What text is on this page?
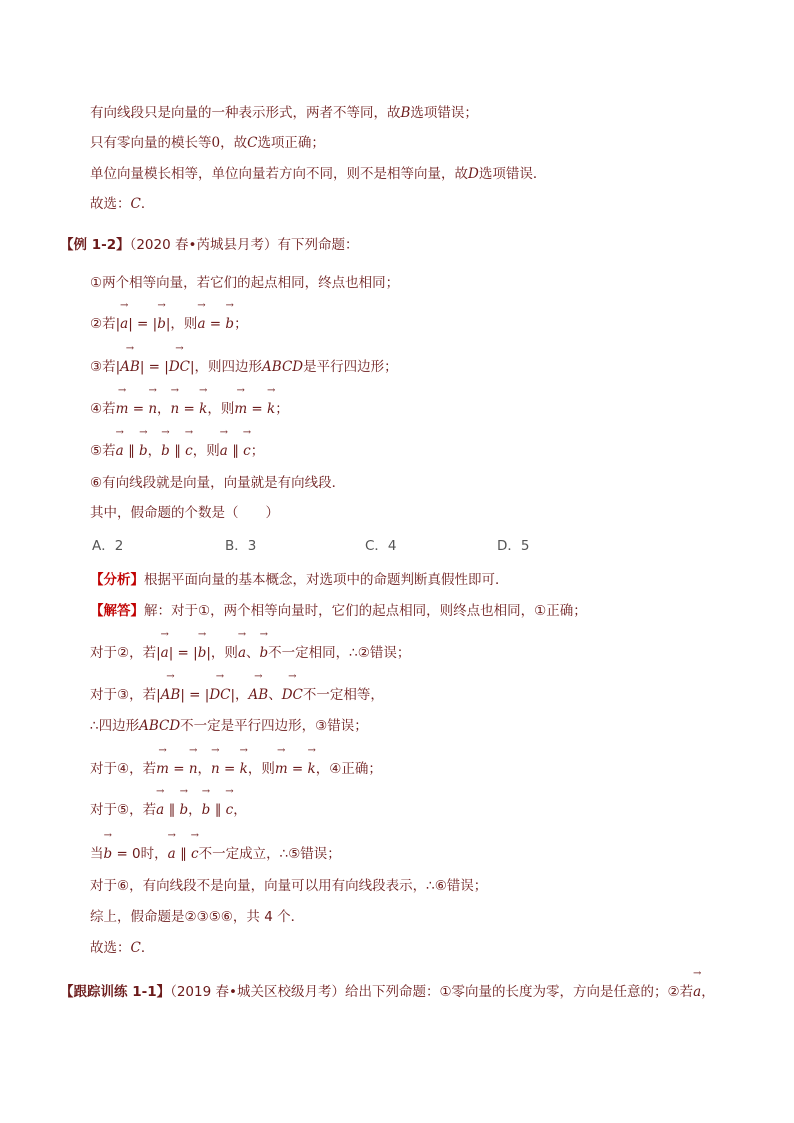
有向线段只是向量的一种表示形式，两者不等同，故B选项错误；
只有零向量的模长等0，故C选项正确；
单位向量模长相等，单位向量若方向不同，则不是相等向量，故D选项错误．
故选：C．
【例 1-2】（2020 春•芮城县月考）有下列命题：
①两个相等向量，若它们的起点相同，终点也相同；
②若|→ a| = |→ b|，则→ a = → b；
③若|→ AB| = |→ DC|，则四边形ABCD是平行四边形；
④若→ m = → n，→ n = → k，则→ m = → k；
⑤若→ a ∥ → b，→ b ∥ → c，则→ a ∥ → c；
⑥有向线段就是向量，向量就是有向线段．
其中，假命题的个数是（　　）
A．2	B．3	C．4	D．5
【分析】根据平面向量的基本概念，对选项中的命题判断真假性即可．
【解答】解：对于①，两个相等向量时，它们的起点相同，则终点也相同，①正确；
对于②，若|→ a| = |→ b|，则→ a、→ b不一定相同，∴②错误；
对于③，若|→ AB| = |→ DC|，→ AB、→ DC不一定相等，
∴四边形ABCD不一定是平行四边形，③错误；
对于④，若→ m = → n，→ n = → k，则→ m = → k，④正确；
对于⑤，若→ a ∥ → b，→ b ∥ → c，
当→ b = 0时，→ a ∥ → c不一定成立，∴⑤错误；
对于⑥，有向线段不是向量，向量可以用有向线段表示，∴⑥错误；
综上，假命题是②③⑤⑥，共 4 个．
故选：C．
【跟踪训练 1-1】（2019 春•城关区校级月考）给出下列命题：①零向量的长度为零，方向是任意的；②若→ a，
